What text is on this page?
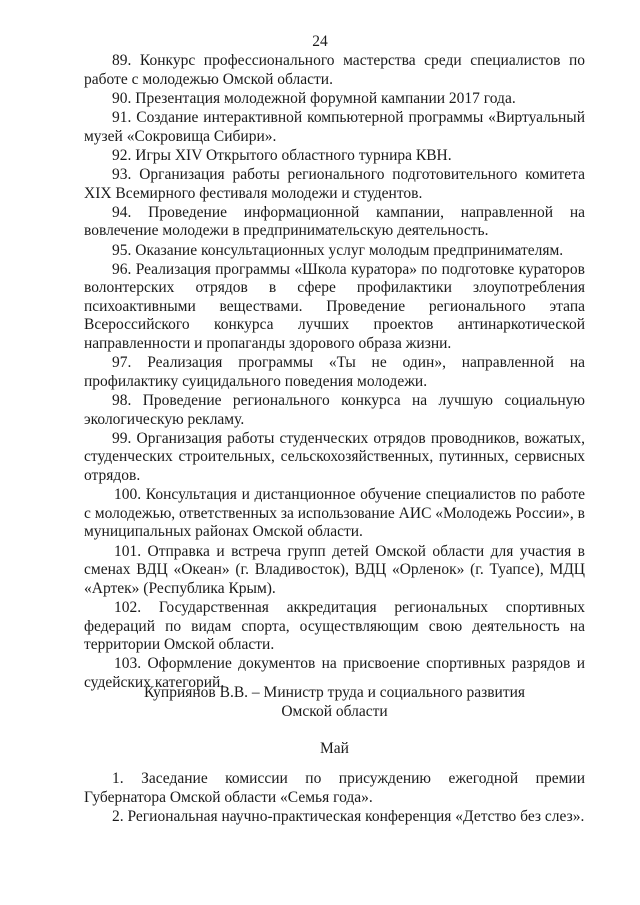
24

89. Конкурс профессионального мастерства среди специалистов по работе с молодежью Омской области.

90. Презентация молодежной форумной кампании 2017 года.

91. Создание интерактивной компьютерной программы «Виртуальный музей «Сокровища Сибири».

92. Игры XIV Открытого областного турнира КВН.

93. Организация работы регионального подготовительного комитета XIX Всемирного фестиваля молодежи и студентов.

94. Проведение информационной кампании, направленной на вовлечение молодежи в предпринимательскую деятельность.

95. Оказание консультационных услуг молодым предпринимателям.

96. Реализация программы «Школа куратора» по подготовке кураторов волонтерских отрядов в сфере профилактики злоупотребления психоактивными веществами. Проведение регионального этапа Всероссийского конкурса лучших проектов антинаркотической направленности и пропаганды здорового образа жизни.

97. Реализация программы «Ты не один», направленной на профилактику суицидального поведения молодежи.

98. Проведение регионального конкурса на лучшую социальную экологическую рекламу.

99. Организация работы студенческих отрядов проводников, вожатых, студенческих строительных, сельскохозяйственных, путинных, сервисных отрядов.

100. Консультация и дистанционное обучение специалистов по работе с молодежью, ответственных за использование АИС «Молодежь России», в муниципальных районах Омской области.

101. Отправка и встреча групп детей Омской области для участия в сменах ВДЦ «Океан» (г. Владивосток), ВДЦ «Орленок» (г. Туапсе), МДЦ «Артек» (Республика Крым).

102. Государственная аккредитация региональных спортивных федераций по видам спорта, осуществляющим свою деятельность на территории Омской области.

103. Оформление документов на присвоение спортивных разрядов и судейских категорий.

Куприянов В.В. – Министр труда и социального развития
Омской области
Май

1. Заседание комиссии по присуждению ежегодной премии Губернатора Омской области «Семья года».

2. Региональная научно-практическая конференция «Детство без слез».
